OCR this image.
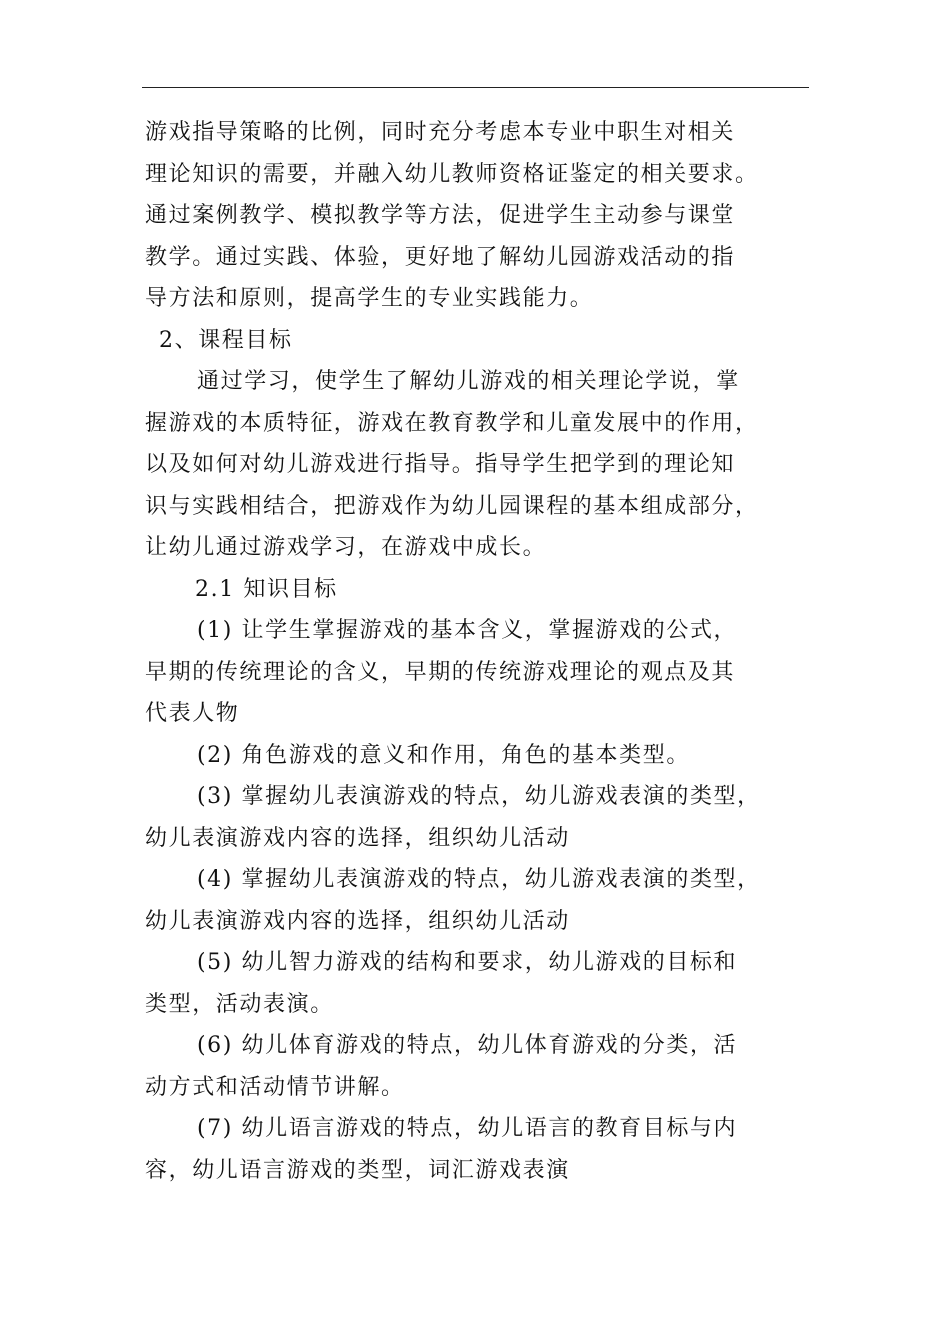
游戏指导策略的比例，同时充分考虑本专业中职生对相关
理论知识的需要，并融入幼儿教师资格证鉴定的相关要求。
通过案例教学、模拟教学等方法，促进学生主动参与课堂
教学。通过实践、体验，更好地了解幼儿园游戏活动的指
导方法和原则，提高学生的专业实践能力。

2、课程目标

通过学习，使学生了解幼儿游戏的相关理论学说，掌
握游戏的本质特征，游戏在教育教学和儿童发展中的作用，
以及如何对幼儿游戏进行指导。指导学生把学到的理论知
识与实践相结合，把游戏作为幼儿园课程的基本组成部分，
让幼儿通过游戏学习，在游戏中成长。

2.1 知识目标

(1) 让学生掌握游戏的基本含义，掌握游戏的公式，
早期的传统理论的含义，早期的传统游戏理论的观点及其
代表人物

(2) 角色游戏的意义和作用，角色的基本类型。

(3) 掌握幼儿表演游戏的特点，幼儿游戏表演的类型，
幼儿表演游戏内容的选择，组织幼儿活动

(4) 掌握幼儿表演游戏的特点，幼儿游戏表演的类型，
幼儿表演游戏内容的选择，组织幼儿活动

(5) 幼儿智力游戏的结构和要求，幼儿游戏的目标和
类型，活动表演。

(6) 幼儿体育游戏的特点，幼儿体育游戏的分类，活
动方式和活动情节讲解。

(7) 幼儿语言游戏的特点，幼儿语言的教育目标与内
容，幼儿语言游戏的类型，词汇游戏表演
